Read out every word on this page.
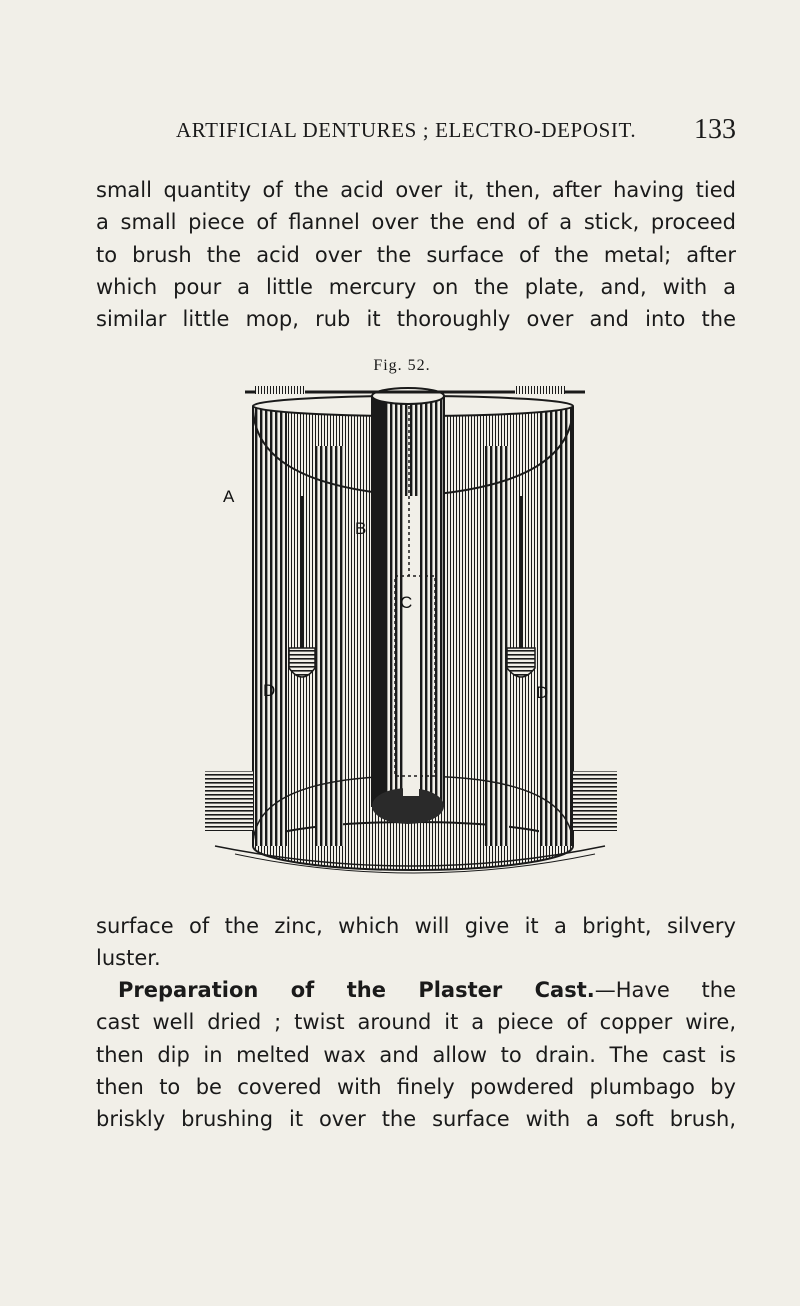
ARTIFICIAL DENTURES ; ELECTRO-DEPOSIT. 133

small quantity of the acid over it, then, after having tied
a small piece of flannel over the end of a stick, proceed
to brush the acid over the surface of the metal; after
which pour a little mercury on the plate, and, with a
similar little mop, rub it thoroughly over and into the

Fig. 52.
A
B
C
D	D

surface of the zinc, which will give it a bright, silvery
luster.

Preparation of the Plaster Cast.—Have the
cast well dried ; twist around it a piece of copper wire,
then dip in melted wax and allow to drain. The cast is
then to be covered with finely powdered plumbago by
briskly brushing it over the surface with a soft brush,
